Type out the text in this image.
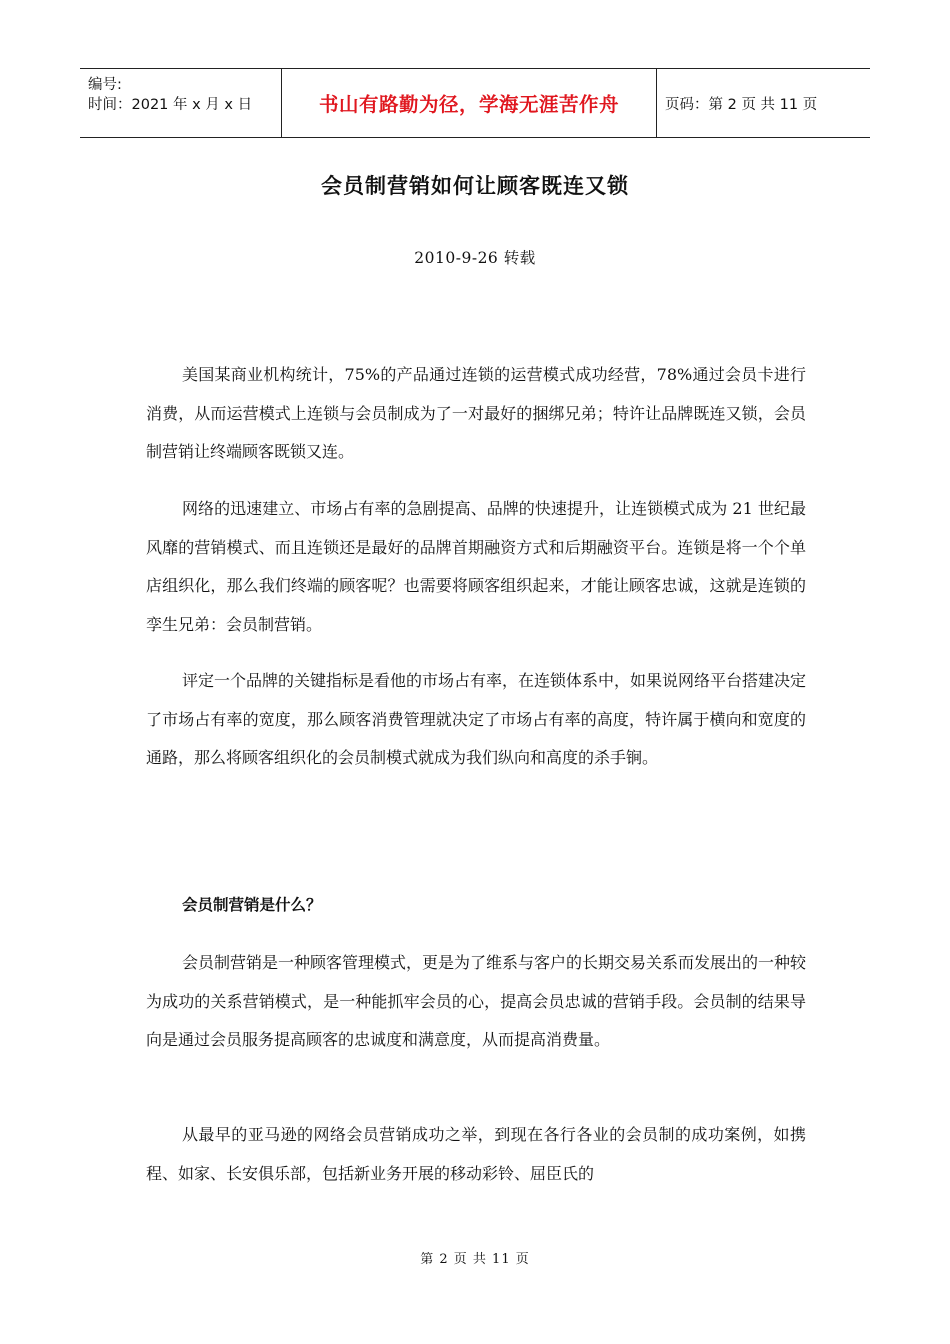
编号:
时间：2021 年 x 月 x 日	书山有路勤为径，学海无涯苦作舟	页码：第 2 页 共 11 页
会员制营销如何让顾客既连又锁
2010-9-26 转载

美国某商业机构统计，75%的产品通过连锁的运营模式成功经营，78%通过会员卡进行消费，从而运营模式上连锁与会员制成为了一对最好的捆绑兄弟；特许让品牌既连又锁，会员制营销让终端顾客既锁又连。

网络的迅速建立、市场占有率的急剧提高、品牌的快速提升，让连锁模式成为 21 世纪最风靡的营销模式、而且连锁还是最好的品牌首期融资方式和后期融资平台。连锁是将一个个单店组织化，那么我们终端的顾客呢？也需要将顾客组织起来，才能让顾客忠诚，这就是连锁的孪生兄弟：会员制营销。

评定一个品牌的关键指标是看他的市场占有率，在连锁体系中，如果说网络平台搭建决定了市场占有率的宽度，那么顾客消费管理就决定了市场占有率的高度，特许属于横向和宽度的通路，那么将顾客组织化的会员制模式就成为我们纵向和高度的杀手锏。

会员制营销是什么？

会员制营销是一种顾客管理模式，更是为了维系与客户的长期交易关系而发展出的一种较为成功的关系营销模式，是一种能抓牢会员的心，提高会员忠诚的营销手段。会员制的结果导向是通过会员服务提高顾客的忠诚度和满意度，从而提高消费量。

从最早的亚马逊的网络会员营销成功之举，到现在各行各业的会员制的成功案例，如携程、如家、长安俱乐部，包括新业务开展的移动彩铃、屈臣氏的

第 2 页 共 11 页
